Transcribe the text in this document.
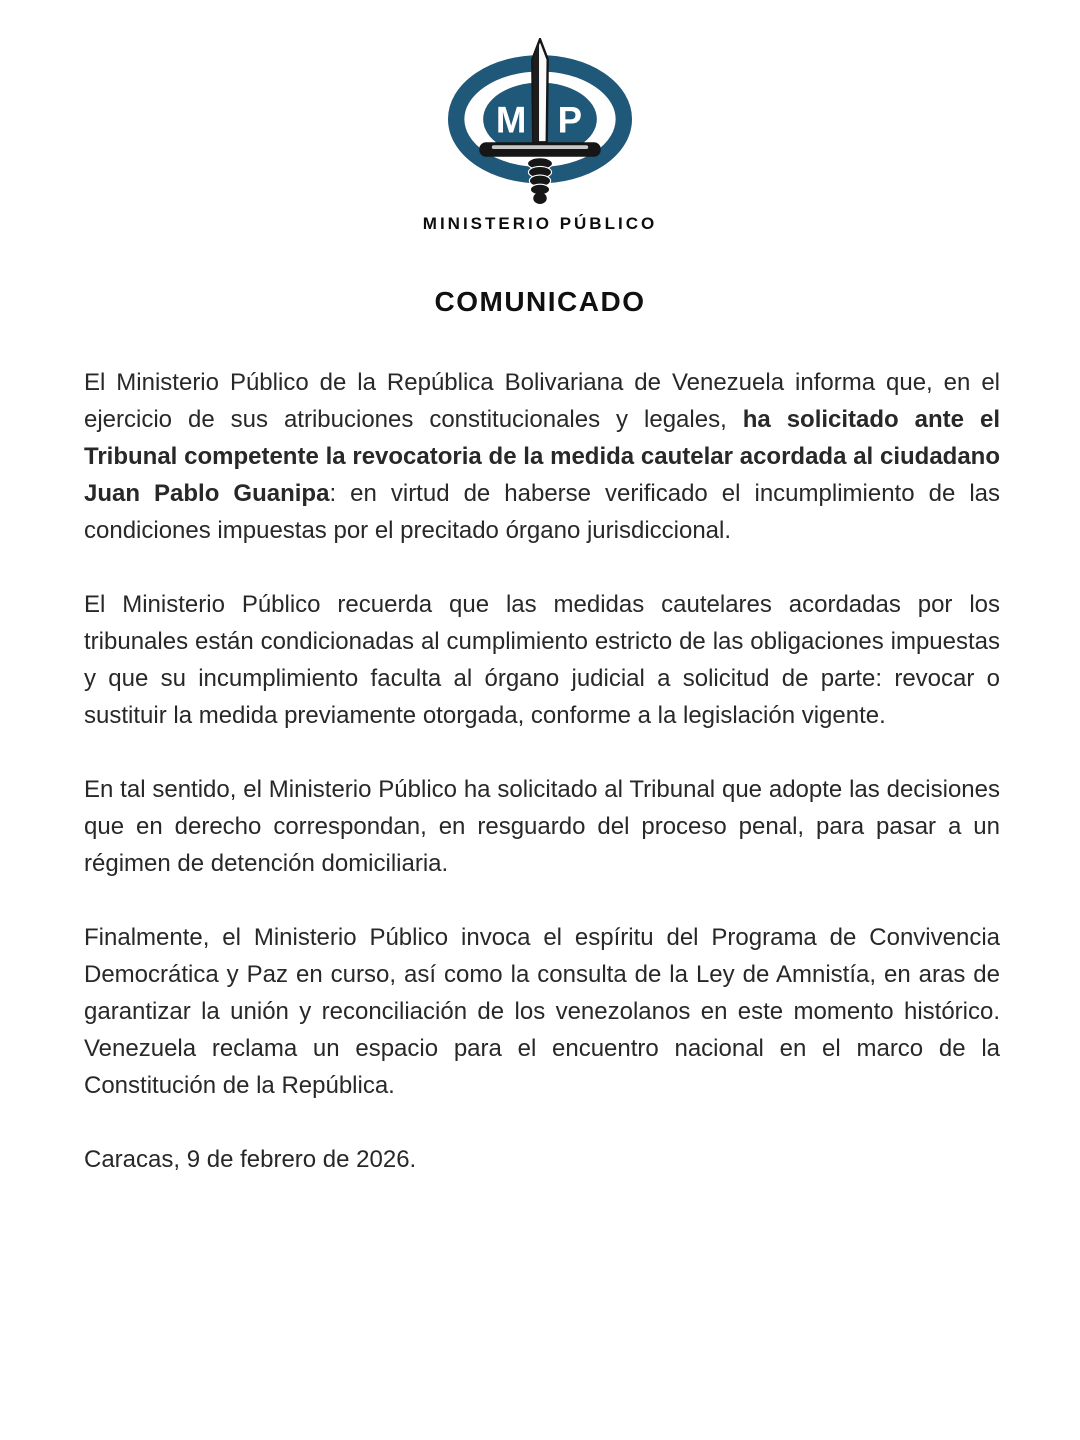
M P
MINISTERIO PÚBLICO
COMUNICADO

El Ministerio Público de la República Bolivariana de Venezuela informa que, en el ejercicio de sus atribuciones constitucionales y legales, ha solicitado ante el Tribunal competente la revocatoria de la medida cautelar acordada al ciudadano Juan Pablo Guanipa: en virtud de haberse verificado el incumplimiento de las condiciones impuestas por el precitado órgano jurisdiccional.

El Ministerio Público recuerda que las medidas cautelares acordadas por los tribunales están condicionadas al cumplimiento estricto de las obligaciones impuestas y que su incumplimiento faculta al órgano judicial a solicitud de parte: revocar o sustituir la medida previamente otorgada, conforme a la legislación vigente.

En tal sentido, el Ministerio Público ha solicitado al Tribunal que adopte las decisiones que en derecho correspondan, en resguardo del proceso penal, para pasar a un régimen de detención domiciliaria.

Finalmente, el Ministerio Público invoca el espíritu del Programa de Convivencia Democrática y Paz en curso, así como la consulta de la Ley de Amnistía, en aras de garantizar la unión y reconciliación de los venezolanos en este momento histórico. Venezuela reclama un espacio para el encuentro nacional en el marco de la Constitución de la República.

Caracas, 9 de febrero de 2026.
